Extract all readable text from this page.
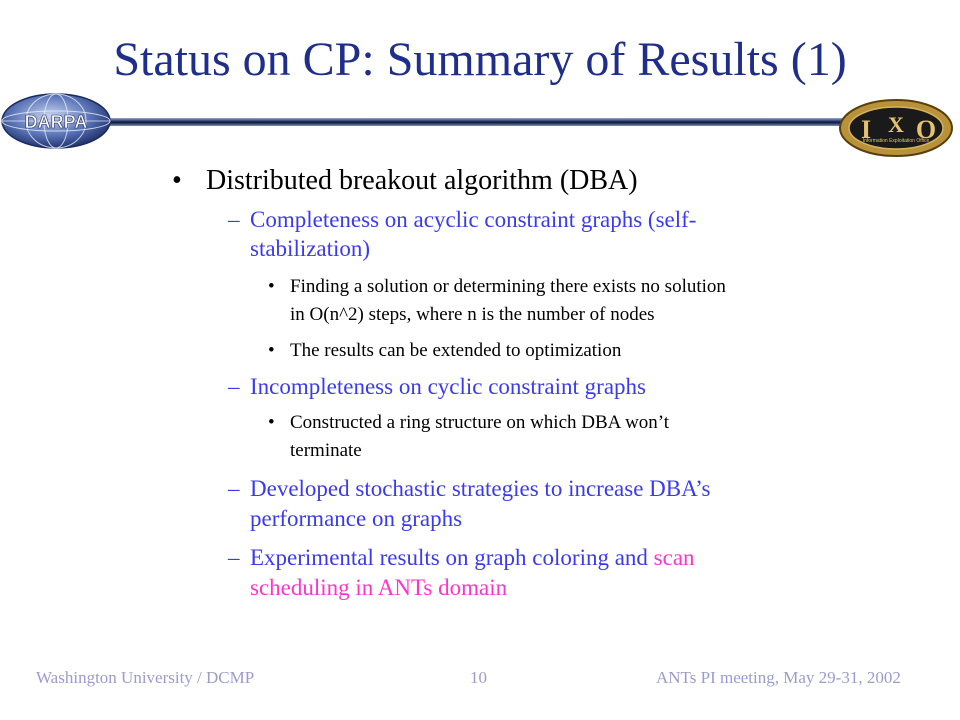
Status on CP: Summary of Results (1)
DARPA	I X O
Information Exploitation Office
• Distributed breakout algorithm (DBA)
– Completeness on acyclic constraint graphs (self-
stabilization)
• Finding a solution or determining there exists no solution
in O(n^2) steps, where n is the number of nodes
• The results can be extended to optimization
– Incompleteness on cyclic constraint graphs
• Constructed a ring structure on which DBA won’t
terminate
– Developed stochastic strategies to increase DBA’s
performance on graphs
– Experimental results on graph coloring and scan
scheduling in ANTs domain
Washington University / DCMP	10	ANTs PI meeting, May 29-31, 2002
